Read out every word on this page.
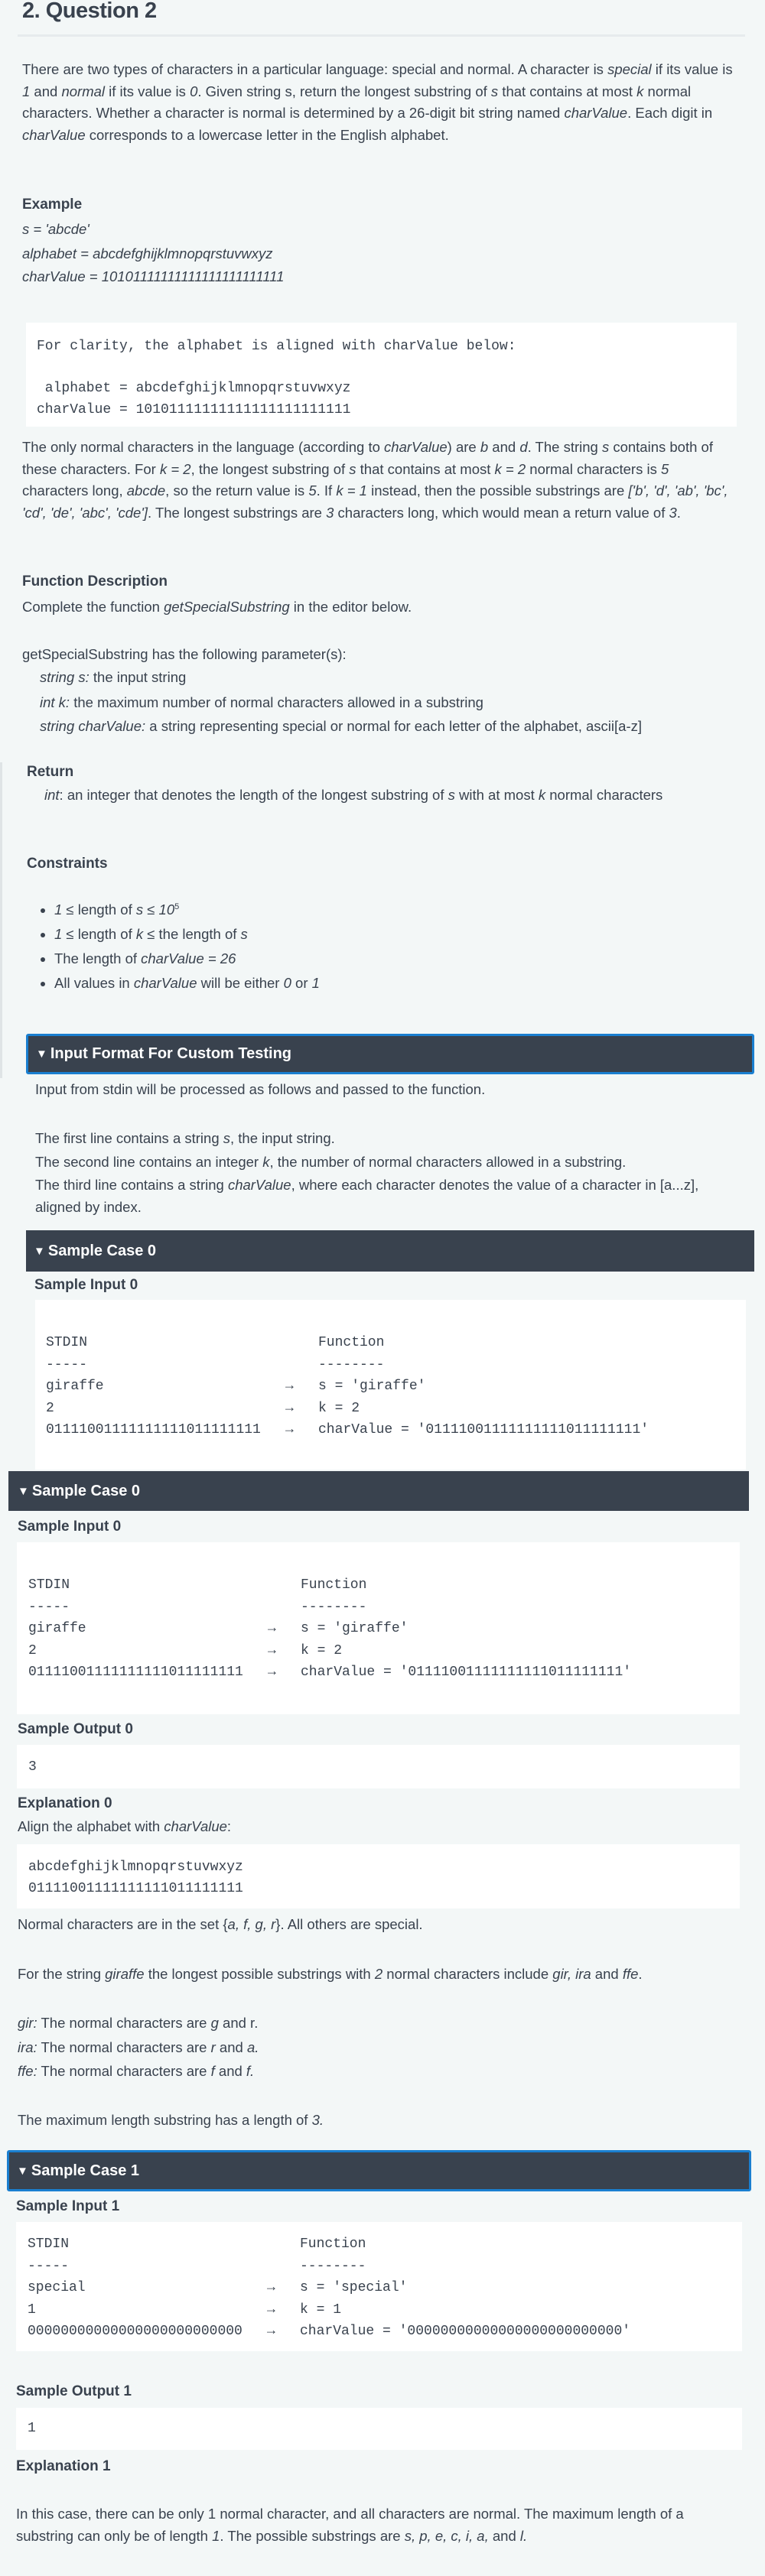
2. Question 2
There are two types of characters in a particular language: special and normal. A character is special if its value is 1 and normal if its value is 0. Given string s, return the longest substring of s that contains at most k normal characters. Whether a character is normal is determined by a 26-digit bit string named charValue. Each digit in charValue corresponds to a lowercase letter in the English alphabet.
Example
s = 'abcde'
alphabet = abcdefghijklmnopqrstuvwxyz
charValue = 10101111111111111111111111

For clarity, the alphabet is aligned with charValue below:

alphabet = abcdefghijklmnopqrstuvwxyz
charValue = 10101111111111111111111111

The only normal characters in the language (according to charValue) are b and d. The string s contains both of these characters. For k = 2, the longest substring of s that contains at most k = 2 normal characters is 5 characters long, abcde, so the return value is 5. If k = 1 instead, then the possible substrings are ['b', 'd', 'ab', 'bc', 'cd', 'de', 'abc', 'cde']. The longest substrings are 3 characters long, which would mean a return value of 3.
Function Description
Complete the function getSpecialSubstring in the editor below.
getSpecialSubstring has the following parameter(s):
string s: the input string
int k: the maximum number of normal characters allowed in a substring
string charValue: a string representing special or normal for each letter of the alphabet, ascii[a-z]
Return
int: an integer that denotes the length of the longest substring of s with at most k normal characters
Constraints
• 1 ≤ length of $s \le 10^5$
• 1 ≤ length of k ≤ the length of s
• The length of charValue = 26
• All values in charValue will be either 0 or 1
▼ Input Format For Custom Testing
Input from stdin will be processed as follows and passed to the function.
The first line contains a string s, the input string.
The second line contains an integer k, the number of normal characters allowed in a substring.
The third line contains a string charValue, where each character denotes the value of a character in [a...z], aligned by index.
▼ Sample Case 0
Sample Input 0

STDIN	Function
-----	--------
giraffe	→	s = 'giraffe'
2	→	k = 2
01111001111111111011111111	→	charValue = '01111001111111111011111111'

▼ Sample Case 0
Sample Input 0

STDIN	Function
-----	--------
giraffe	→	s = 'giraffe'
2	→	k = 2
01111001111111111011111111	→	charValue = '01111001111111111011111111'

Sample Output 0

3

Explanation 0
Align the alphabet with charValue:

abcdefghijklmnopqrstuvwxyz
01111001111111111011111111

Normal characters are in the set {a, f, g, r}. All others are special.
For the string giraffe the longest possible substrings with 2 normal characters include gir, ira and ffe.
gir: The normal characters are g and r.
ira: The normal characters are r and a.
ffe: The normal characters are f and f.
The maximum length substring has a length of 3.
▼ Sample Case 1
Sample Input 1

STDIN	Function
-----	--------
special	→	s = 'special'
1	→	k = 1
00000000000000000000000000	→	charValue = '00000000000000000000000000'

Sample Output 1

1

Explanation 1
In this case, there can be only 1 normal character, and all characters are normal. The maximum length of a substring can only be of length 1. The possible substrings are s, p, e, c, i, a, and l.
